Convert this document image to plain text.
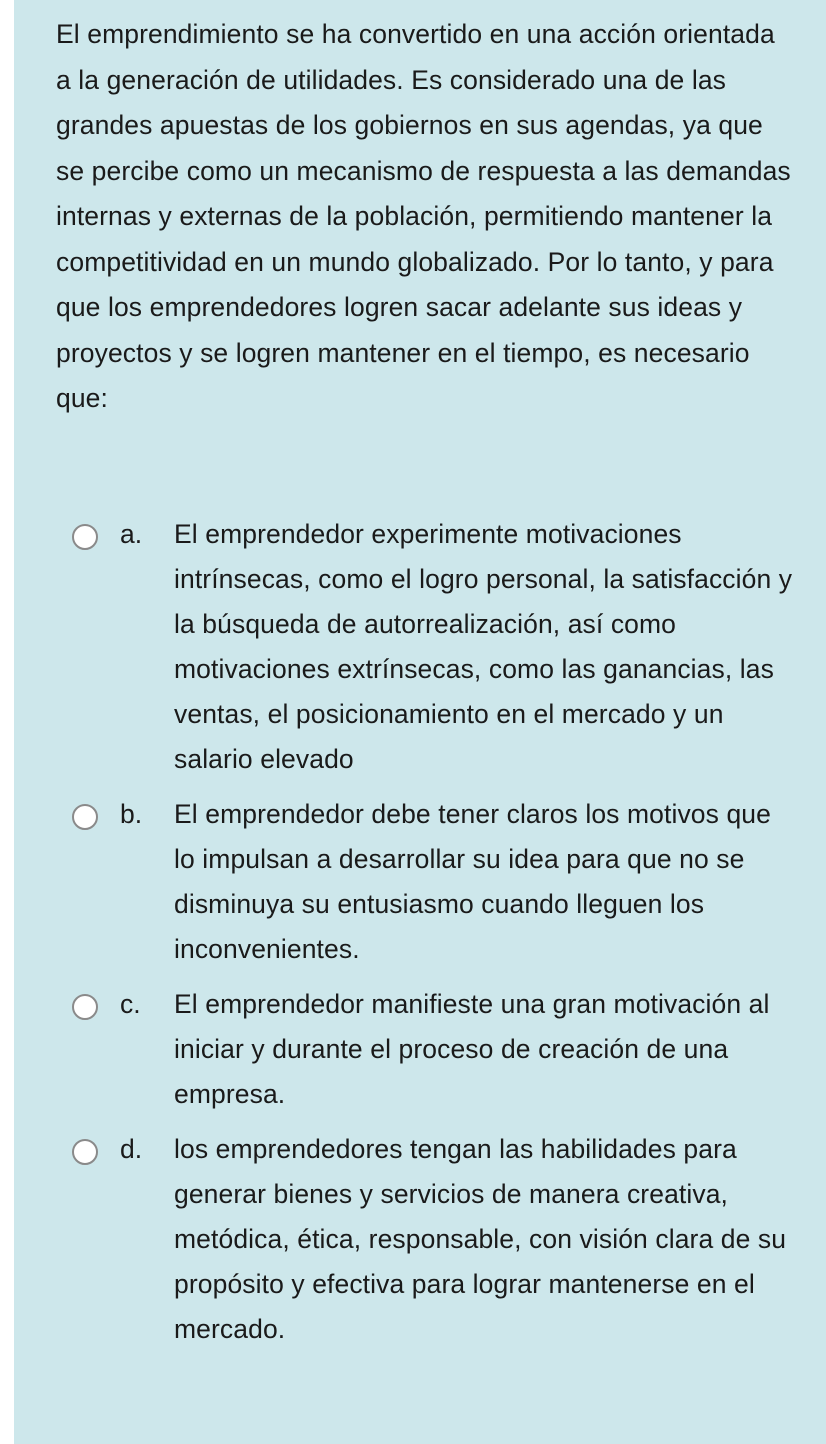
El emprendimiento se ha convertido en una acción orientada a la generación de utilidades. Es considerado una de las grandes apuestas de los gobiernos en sus agendas, ya que se percibe como un mecanismo de respuesta a las demandas internas y externas de la población, permitiendo mantener la competitividad en un mundo globalizado. Por lo tanto, y para que los emprendedores logren sacar adelante sus ideas y proyectos y se logren mantener en el tiempo, es necesario que:

a.	El emprendedor experimente motivaciones intrínsecas, como el logro personal, la satisfacción y la búsqueda de autorrealización, así como motivaciones extrínsecas, como las ganancias, las ventas, el posicionamiento en el mercado y un salario elevado
b.	El emprendedor debe tener claros los motivos que lo impulsan a desarrollar su idea para que no se disminuya su entusiasmo cuando lleguen los inconvenientes.
c.	El emprendedor manifieste una gran motivación al iniciar y durante el proceso de creación de una empresa.
d.	los emprendedores tengan las habilidades para generar bienes y servicios de manera creativa, metódica, ética, responsable, con visión clara de su propósito y efectiva para lograr mantenerse en el mercado.
